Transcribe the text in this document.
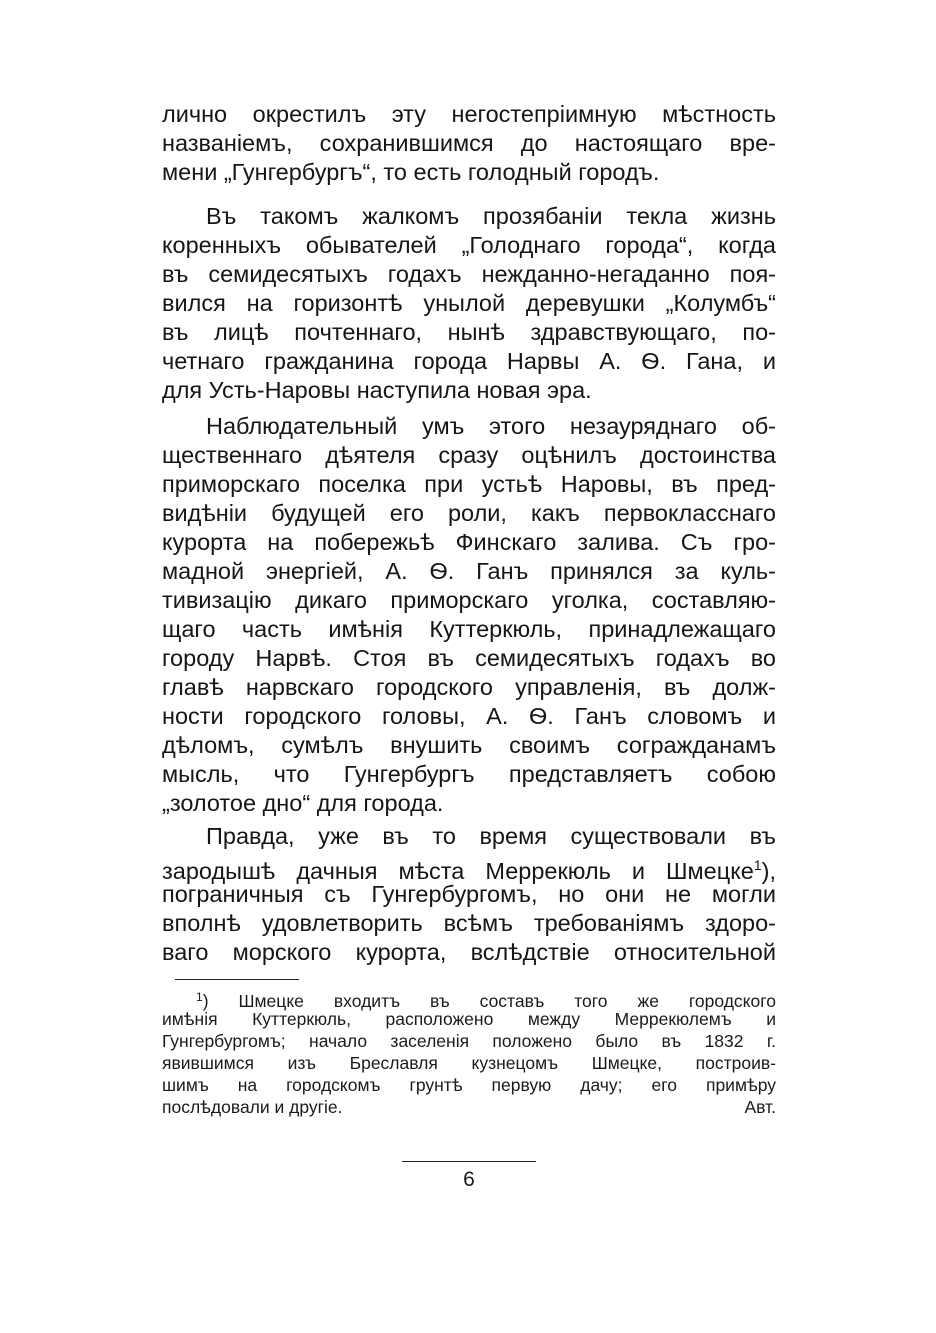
лично окрестилъ эту негостепріимную мѣстность
названіемъ, сохранившимся до настоящаго вре-
мени „Гунгербургъ“, то есть голодный городъ.
Въ такомъ жалкомъ прозябаніи текла жизнь
коренныхъ обывателей „Голоднаго города“, когда
въ семидесятыхъ годахъ нежданно-негаданно поя-
вился на горизонтѣ унылой деревушки „Колумбъ“
въ лицѣ почтеннаго, нынѣ здравствующаго, по-
четнаго гражданина города Нарвы А. Ѳ. Гана, и
для Усть-Наровы наступила новая эра.
Наблюдательный умъ этого незауряднаго об-
щественнаго дѣятеля сразу оцѣнилъ достоинства
приморскаго поселка при устьѣ Наровы, въ пред-
видѣніи будущей его роли, какъ первокласснаго
курорта на побережьѣ Финскаго залива. Съ гро-
мадной энергіей, А. Ѳ. Ганъ принялся за куль-
тивизацію дикаго приморскаго уголка, составляю-
щаго часть имѣнія Куттеркюль, принадлежащаго
городу Нарвѣ. Стоя въ семидесятыхъ годахъ во
главѣ нарвскаго городского управленія, въ долж-
ности городского головы, А. Ѳ. Ганъ словомъ и
дѣломъ, сумѣлъ внушить своимъ согражданамъ
мысль, что Гунгербургъ представляетъ собою
„золотое дно“ для города.
Правда, уже въ то время существовали въ
зародышѣ дачныя мѣста Меррекюль и Шмецке$^1$),
пограничныя съ Гунгербургомъ, но они не могли
вполнѣ удовлетворить всѣмъ требованіямъ здоро-
ваго морского курорта, вслѣдствіе относительной
$^1$) Шмецке входитъ въ составъ того же городского
имѣнія Куттеркюль, расположено между Меррекюлемъ и
Гунгербургомъ; начало заселенія положено было въ 1832 г.
явившимся изъ Бреславля кузнецомъ Шмецке, построив-
шимъ на городскомъ грунтѣ первую дачу; его примѣру
послѣдовали и другіе.	Авт.
6
